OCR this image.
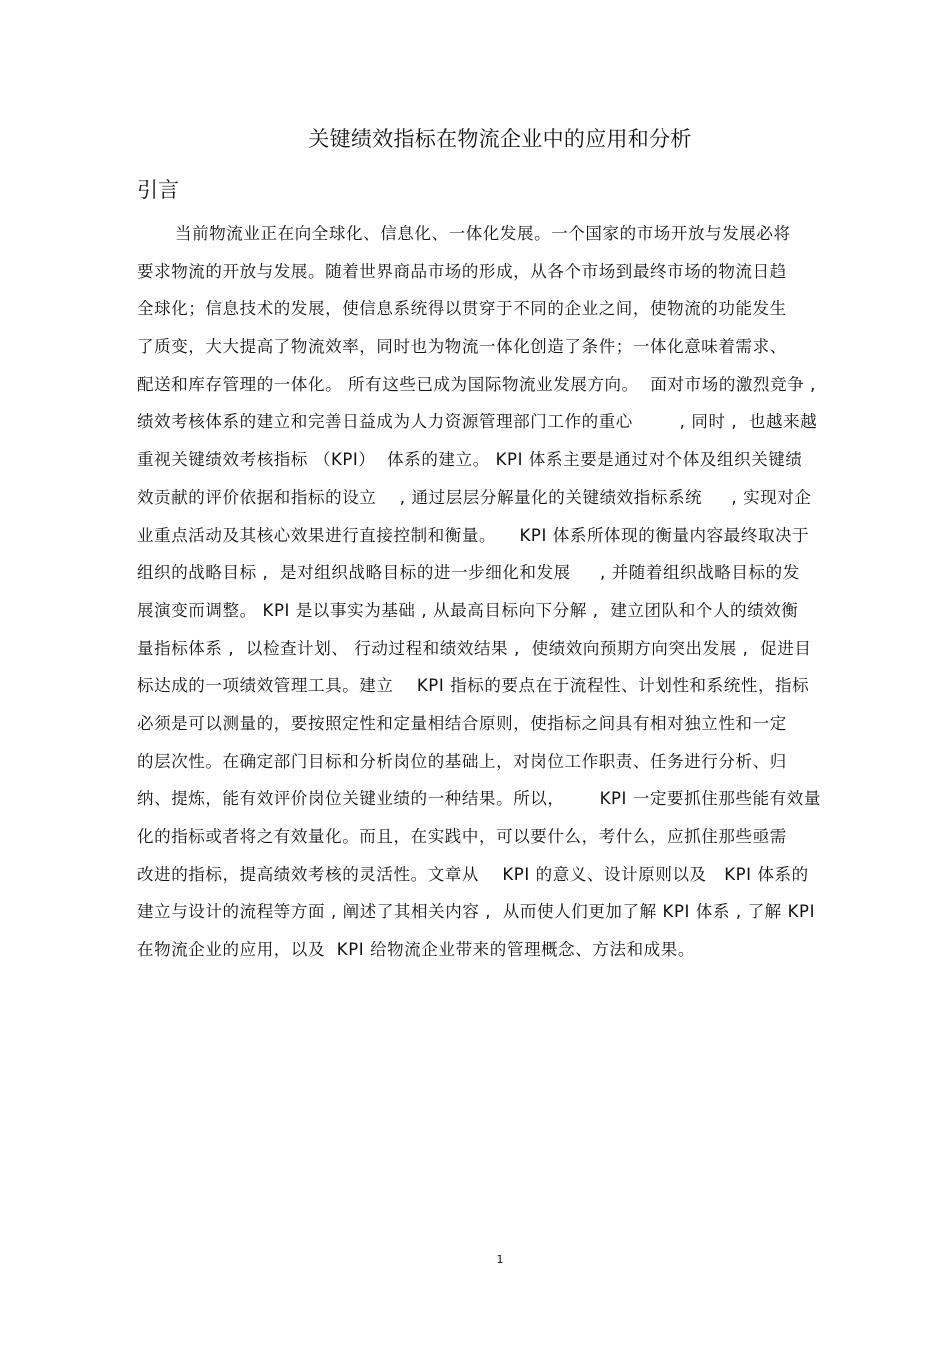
关键绩效指标在物流企业中的应用和分析
引言
当前物流业正在向全球化、信息化、一体化发展。一个国家的市场开放与发展必将
要求物流的开放与发展。随着世界商品市场的形成，从各个市场到最终市场的物流日趋
全球化；信息技术的发展，使信息系统得以贯穿于不同的企业之间，使物流的功能发生
了质变，大大提高了物流效率，同时也为物流一体化创造了条件；一体化意味着需求、
配送和库存管理的一体化。 所有这些已成为国际物流业发展方向。  面对市场的激烈竞争 ,
绩效考核体系的建立和完善日益成为人力资源管理部门工作的重心        , 同时 ,  也越来越
重视关键绩效考核指标 （KPI）  体系的建立。 KPI 体系主要是通过对个体及组织关键绩
效贡献的评价依据和指标的设立    , 通过层层分解量化的关键绩效指标系统     , 实现对企
业重点活动及其核心效果进行直接控制和衡量。    KPI 体系所体现的衡量内容最终取决于
组织的战略目标 ,  是对组织战略目标的进一步细化和发展     , 并随着组织战略目标的发
展演变而调整。 KPI 是以事实为基础 , 从最高目标向下分解 ,  建立团队和个人的绩效衡
量指标体系 ,  以检查计划、 行动过程和绩效结果 ,  使绩效向预期方向突出发展 ,  促进目
标达成的一项绩效管理工具。建立    KPI 指标的要点在于流程性、计划性和系统性，指标
必须是可以测量的，要按照定性和定量相结合原则，使指标之间具有相对独立性和一定
的层次性。在确定部门目标和分析岗位的基础上，对岗位工作职责、任务进行分析、归
纳、提炼，能有效评价岗位关键业绩的一种结果。所以，      KPI 一定要抓住那些能有效量
化的指标或者将之有效量化。而且，在实践中，可以要什么，考什么，应抓住那些亟需
改进的指标，提高绩效考核的灵活性。文章从    KPI 的意义、设计原则以及   KPI 体系的
建立与设计的流程等方面 , 阐述了其相关内容 ,  从而使人们更加了解 KPI 体系 , 了解 KPI
在物流企业的应用，以及  KPI 给物流企业带来的管理概念、方法和成果。
1
